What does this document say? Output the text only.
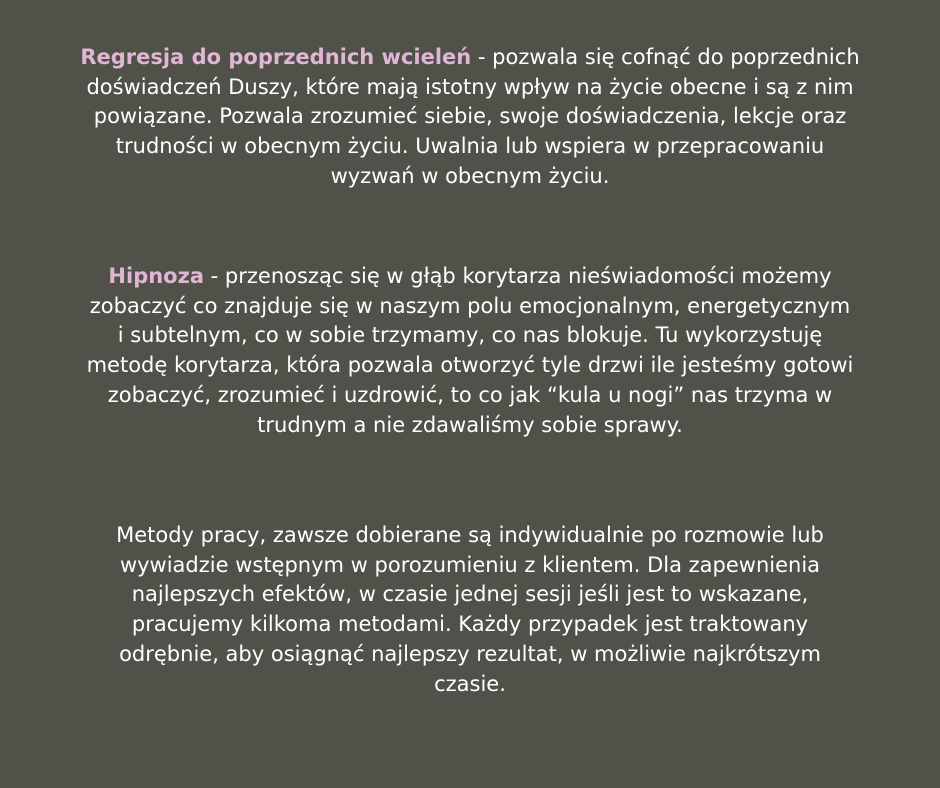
Regresja do poprzednich wcieleń - pozwala się cofnąć do poprzednich
doświadczeń Duszy, które mają istotny wpływ na życie obecne i są z nim
powiązane. Pozwala zrozumieć siebie, swoje doświadczenia, lekcje oraz
trudności w obecnym życiu. Uwalnia lub wspiera w przepracowaniu
wyzwań w obecnym życiu.

Hipnoza - przenosząc się w głąb korytarza nieświadomości możemy
zobaczyć co znajduje się w naszym polu emocjonalnym, energetycznym
i subtelnym, co w sobie trzymamy, co nas blokuje. Tu wykorzystuję
metodę korytarza, która pozwala otworzyć tyle drzwi ile jesteśmy gotowi
zobaczyć, zrozumieć i uzdrowić, to co jak “kula u nogi” nas trzyma w
trudnym a nie zdawaliśmy sobie sprawy.

Metody pracy, zawsze dobierane są indywidualnie po rozmowie lub
wywiadzie wstępnym w porozumieniu z klientem. Dla zapewnienia
najlepszych efektów, w czasie jednej sesji jeśli jest to wskazane,
pracujemy kilkoma metodami. Każdy przypadek jest traktowany
odrębnie, aby osiągnąć najlepszy rezultat, w możliwie najkrótszym
czasie.
